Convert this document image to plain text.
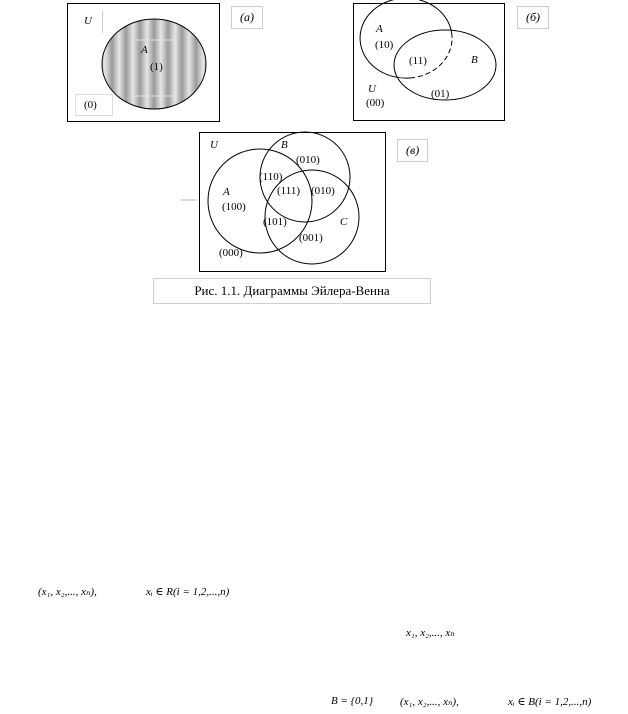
U
A
(1)
(0)
(a)
A
(10)
(11)	B
U
(00)
(01)
(б)
U	B
(010)
(110)
(111) (010)
A
(100)
(101)	C
(001)
(000)
(в)
Рис. 1.1. Диаграммы Эйлера-Венна
(x₁, x₂,..., xₙ),	xᵢ ∈ R(i = 1,2,...,n)
x₁, x₂,..., xₙ
B = {0,1} (x₁, x₂,..., xₙ),	xᵢ ∈ B(i = 1,2,...,n)
